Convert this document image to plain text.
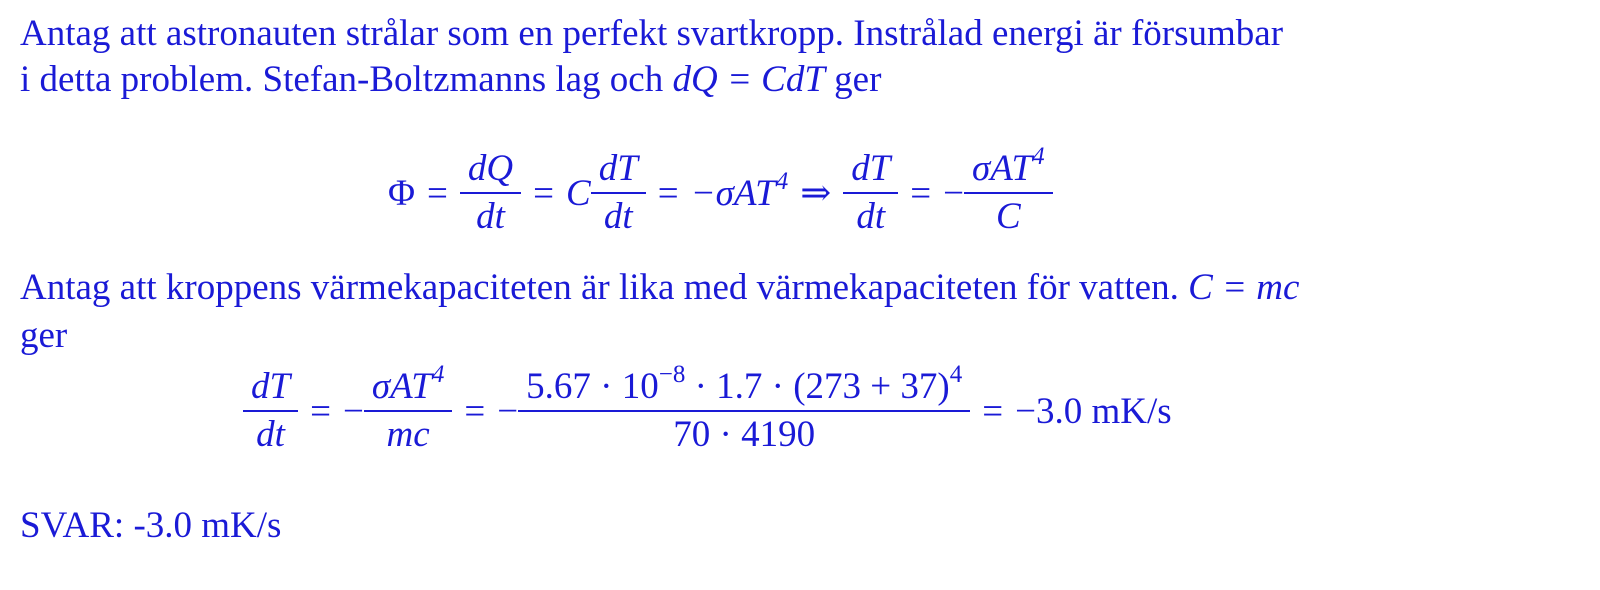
Antag att astronauten strålar som en perfekt svartkropp. Instrålad energi är försumbar
i detta problem. Stefan-Boltzmanns lag och dQ = CdT ger
$\Phi = \frac{dQ}{dt} = C \frac{dT}{dt} = -\sigma AT^4$ ⇒ $\frac{dT}{dt}$ = − $\frac{\sigma AT^4}{C}$
Antag att kroppens värmekapaciteten är lika med värmekapaciteten för vatten. C = mc
ger
$\frac{dT}{dt}$ = − $\frac{\sigma AT^4}{mc}$ = − $\frac{5.67 \cdot 10^{-8} \cdot 1.7 \cdot (273 + 37)^4}{70 \cdot 4190} = -3.0$ mK/s
SVAR: -3.0 mK/s
